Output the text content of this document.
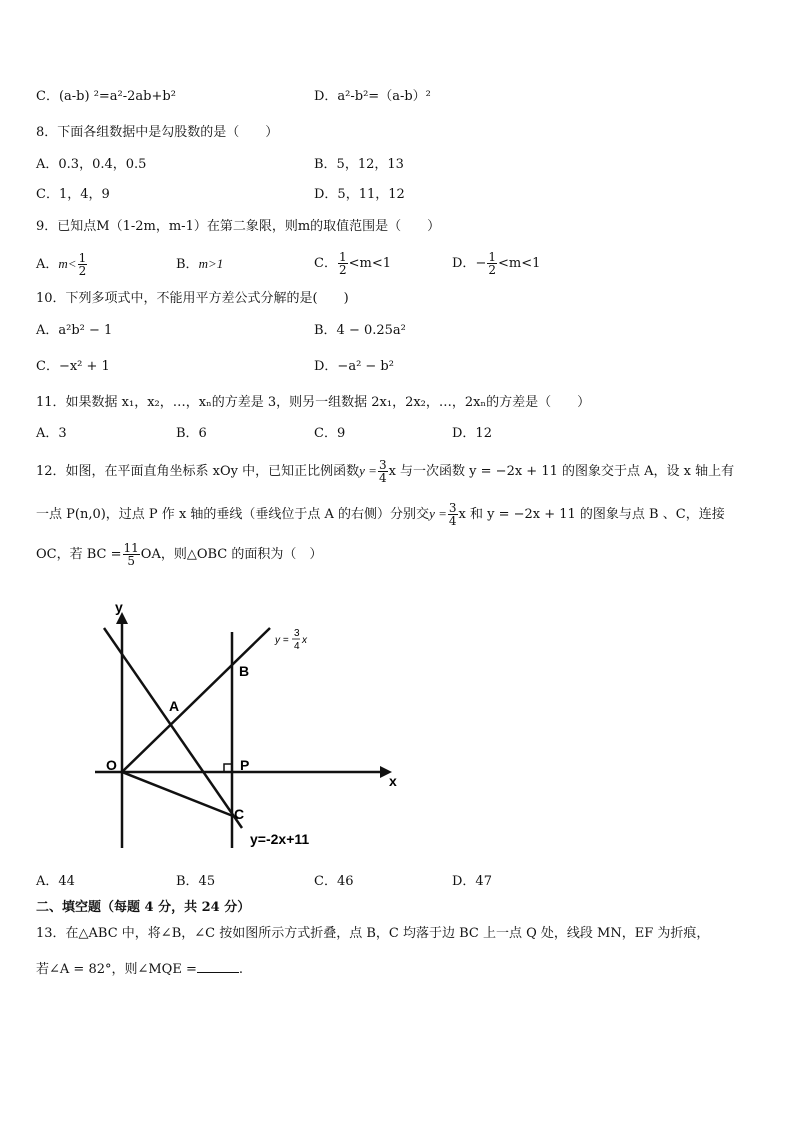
C．(a-b) ²=a²-2ab+b²	D．a²-b²=（a-b）²
8．下面各组数据中是勾股数的是（　　）
A．0.3，0.4，0.5	B．5，12，13
C．1，4，9	D．5，11，12
9．已知点M（1-2m，m-1）在第二象限，则m的取值范围是（　　）
A．$m< \frac{1}{2}$	B．m>1	C． $\frac{1}{2} <m<1$	D．− $\frac{1}{2} <m<1$
10．下列多项式中，不能用平方差公式分解的是(　　)
A．a²b² − 1	B．4 − 0.25a²
C．−x² + 1	D．−a² − b²
11．如果数据 x₁，x₂，…，xₙ的方差是 3，则另一组数据 2x₁，2x₂，…，2xₙ的方差是（　　）
A．3	B．6	C．9	D．12
12．如图，在平面直角坐标系 xOy 中，已知正比例函数$y = \frac{3}{4}$ x 与一次函数 y = −2x + 11 的图象交于点 A，设 x 轴上有
一点 P(n,0)，过点 P 作 x 轴的垂线（垂线位于点 A 的右侧）分别交$y = \frac{3}{4}$ x 和 y = −2x + 11 的图象与点 B 、C，连接
OC，若 BC = $\frac{11}{5}$ OA，则△OBC 的面积为（　）
y
x
O
A
B
P
C
y=-2x+11
y =
3
4
x
A．44	B．45	C．46	D．47
二、填空题（每题 4 分，共 24 分）
13．在△ABC 中，将∠B，∠C 按如图所示方式折叠，点 B，C 均落于边 BC 上一点 Q 处，线段 MN，EF 为折痕，
若∠A = 82°，则∠MQE =	.
